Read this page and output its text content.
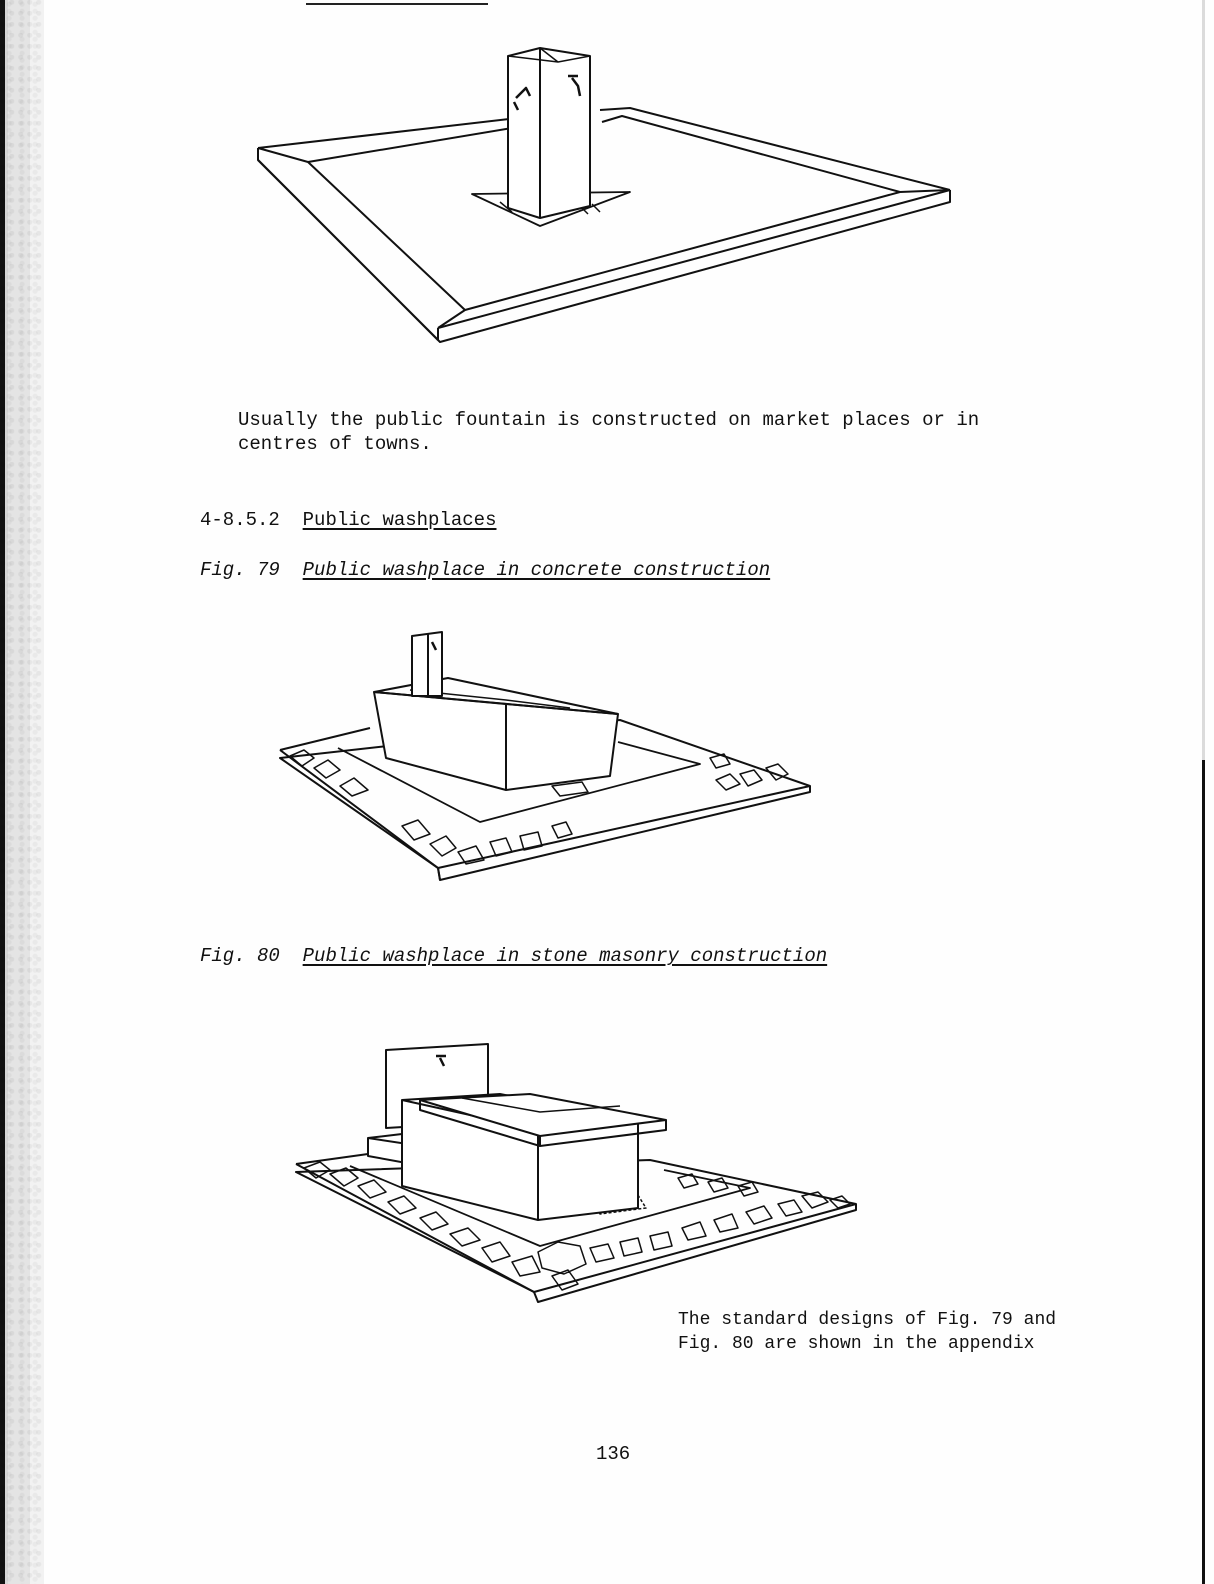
Usually the public fountain is constructed on market places or in

centres of towns.

4-8.5.2 Public washplaces

Fig. 79 Public washplace in concrete construction

Fig. 80 Public washplace in stone masonry construction

The standard designs of Fig. 79 and

Fig. 80 are shown in the appendix

136
